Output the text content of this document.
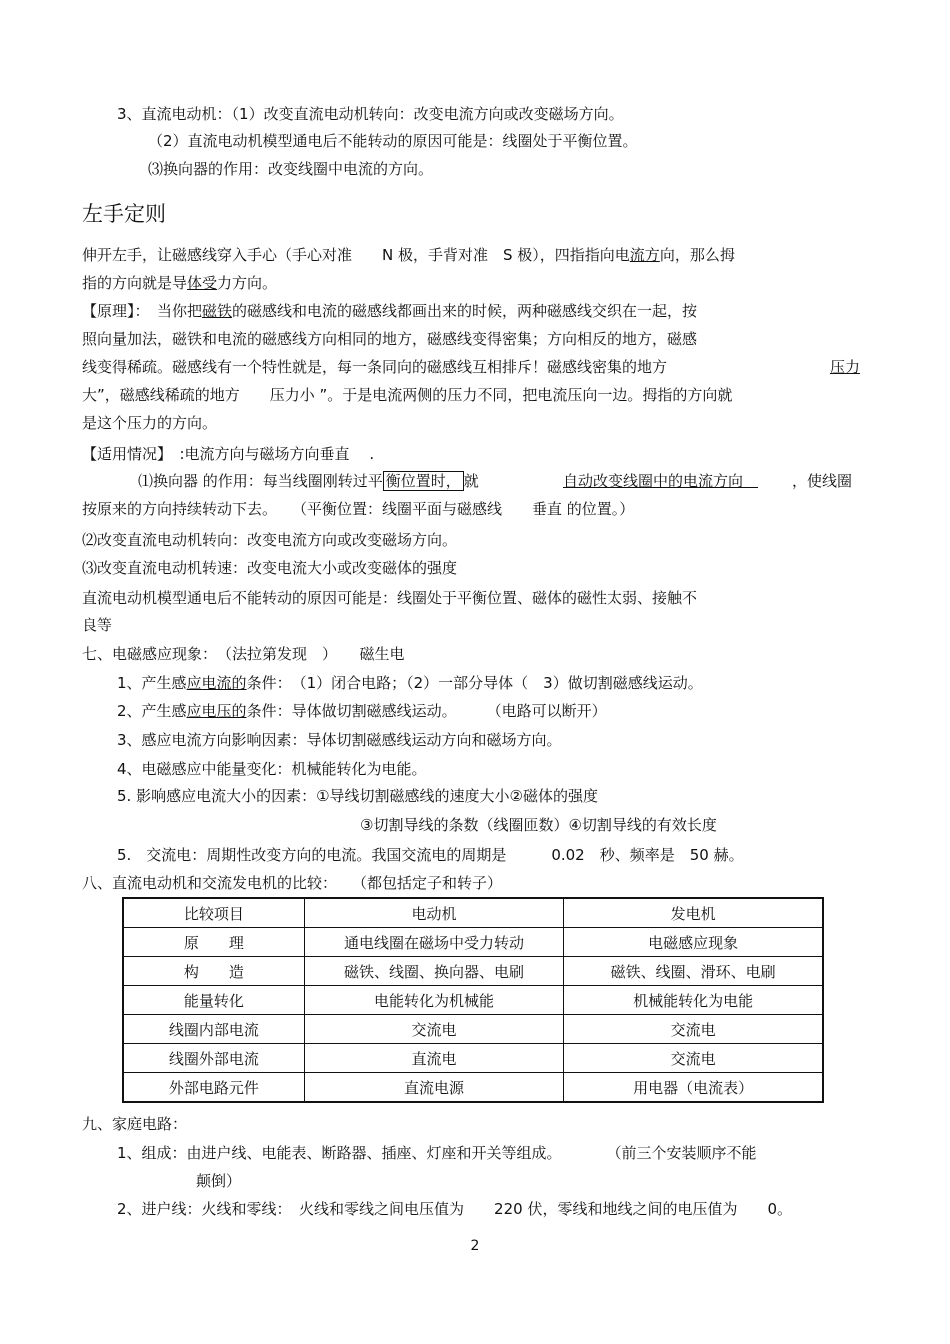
3、直流电动机：（1）改变直流电动机转向：改变电流方向或改变磁场方向。
（2）直流电动机模型通电后不能转动的原因可能是：线圈处于平衡位置。
⑶换向器的作用：改变线圈中电流的方向。
左手定则
伸开左手，让磁感线穿入手心（手心对准　　N 极，手背对准　S 极），四指指向电流方向，那么拇
指的方向就是导体受力方向。
【原理】：　当你把磁铁的磁感线和电流的磁感线都画出来的时候，两种磁感线交织在一起，按
照向量加法，磁铁和电流的磁感线方向相同的地方，磁感线变得密集；方向相反的地方，磁感
线变得稀疏。磁感线有一个特性就是，每一条同向的磁感线互相排斥！磁感线密集的地方	压力
大”，磁感线稀疏的地方　　压力小 ”。于是电流两侧的压力不同，把电流压向一边。拇指的方向就
是这个压力的方向。
【适用情况】　:电流方向与磁场方向垂直　 .
⑴换向器 的作用：每当线圈刚转过平 衡位置时， 就	自动改变线圈中的电流方向　 ，使线圈
按原来的方向持续转动下去。　　（平衡位置：线圈平面与磁感线　　垂直 的位置。）
⑵改变直流电动机转向：改变电流方向或改变磁场方向。
⑶改变直流电动机转速：改变电流大小或改变磁体的强度
直流电动机模型通电后不能转动的原因可能是：线圈处于平衡位置、磁体的磁性太弱、接触不
良等
七、电磁感应现象：　（法拉第发现　）　　磁生电
1、产生感应电流的条件：　（1）闭合电路；（2）一部分导体（　3）做切割磁感线运动。
2、产生感应电压的条件：导体做切割磁感线运动。　　　（电路可以断开）
3、感应电流方向影响因素：导体切割磁感线运动方向和磁场方向。
4、电磁感应中能量变化：机械能转化为电能。
5. 影响感应电流大小的因素：①导线切割磁感线的速度大小②磁体的强度
③切割导线的条数（线圈匝数）④切割导线的有效长度
5.　交流电：周期性改变方向的电流。我国交流电的周期是　　　0.02　秒、频率是　50 赫。
八、直流电动机和交流发电机的比较：　　（都包括定子和转子）
比较项目	电动机	发电机
原　　理	通电线圈在磁场中受力转动	电磁感应现象
构　　造	磁铁、线圈、换向器、电刷	磁铁、线圈、滑环、电刷
能量转化	电能转化为机械能	机械能转化为电能
线圈内部电流	交流电	交流电
线圈外部电流	直流电	交流电
外部电路元件	直流电源	用电器（电流表）
九、家庭电路：
1、组成：由进户线、电能表、断路器、插座、灯座和开关等组成。　　　　（前三个安装顺序不能
颠倒）
2、进户线：火线和零线：　火线和零线之间电压值为　　220 伏，零线和地线之间的电压值为　　0。
2
